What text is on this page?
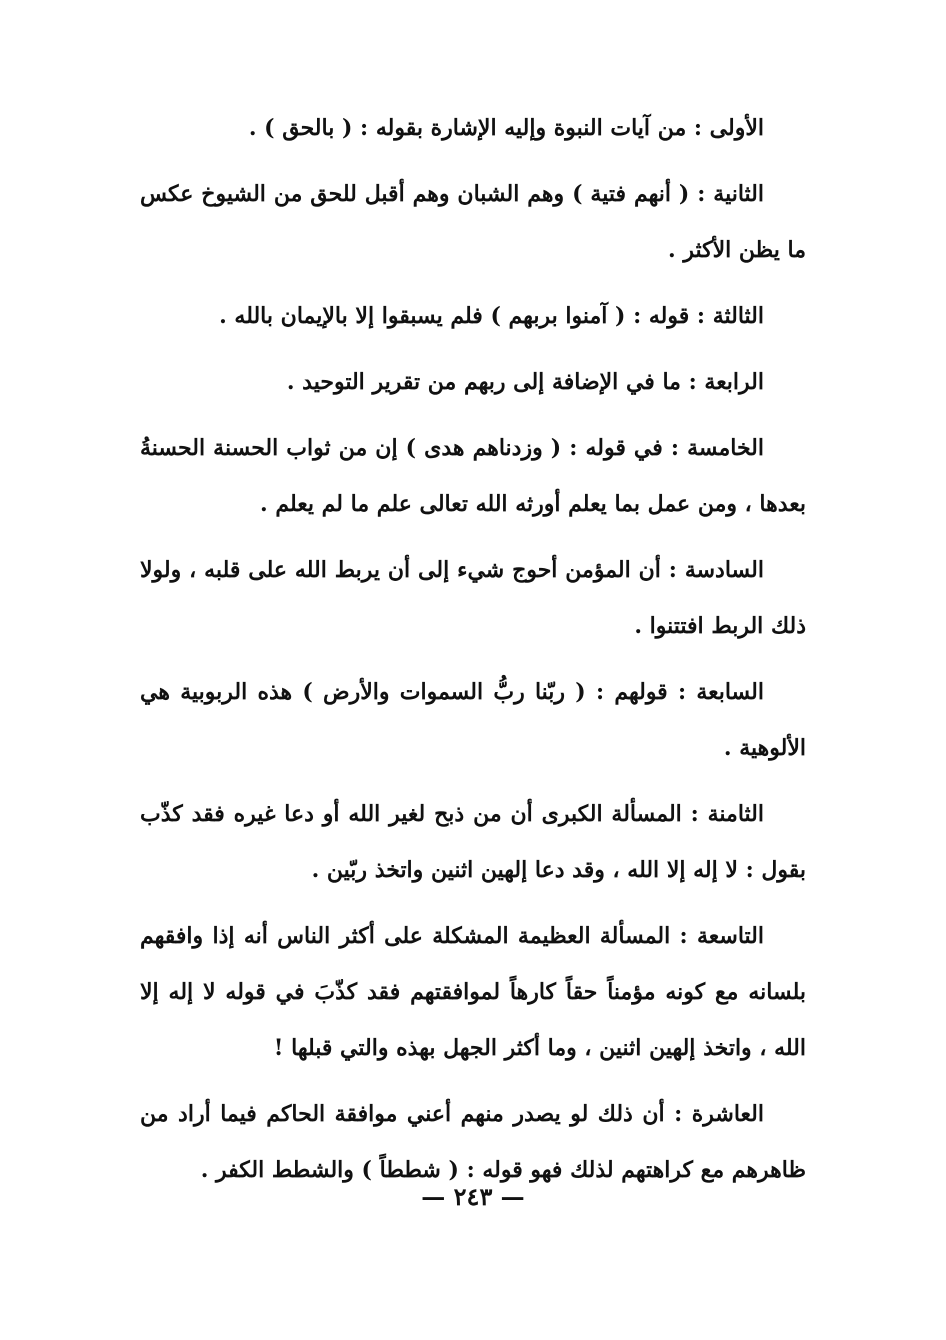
الأولى : من آيات النبوة وإليه الإشارة بقوله : ( بالحق ) .

الثانية : ( أنهم فتية ) وهم الشبان وهم أقبل للحق من الشيوخ عكس ما يظن الأكثر .

الثالثة : قوله : ( آمنوا بربهم ) فلم يسبقوا إلا بالإيمان بالله .

الرابعة : ما في الإضافة إلى ربهم من تقرير التوحيد .

الخامسة : في قوله : ( وزدناهم هدى ) إن من ثواب الحسنة الحسنةُ بعدها ، ومن عمل بما يعلم أورثه الله تعالى علم ما لم يعلم .

السادسة : أن المؤمن أحوج شيء إلى أن يربط الله على قلبه ، ولولا ذلك الربط افتتنوا .

السابعة : قولهم : ( ربّنا ربُّ السموات والأرض ) هذه الربوبية هي الألوهية .

الثامنة : المسألة الكبرى أن من ذبح لغير الله أو دعا غيره فقد كذّب بقول : لا إله إلا الله ، وقد دعا إلهين اثنين واتخذ ربّين .

التاسعة : المسألة العظيمة المشكلة على أكثر الناس أنه إذا وافقهم بلسانه مع كونه مؤمناً حقاً كارهاً لموافقتهم فقد كذّبَ في قوله لا إله إلا الله ، واتخذ إلهين اثنين ، وما أكثر الجهل بهذه والتي قبلها !

العاشرة : أن ذلك لو يصدر منهم أعني موافقة الحاكم فيما أراد من ظاهرهم مع كراهتهم لذلك فهو قوله : ( شططاً ) والشطط الكفر .

— ٢٤٣ —
